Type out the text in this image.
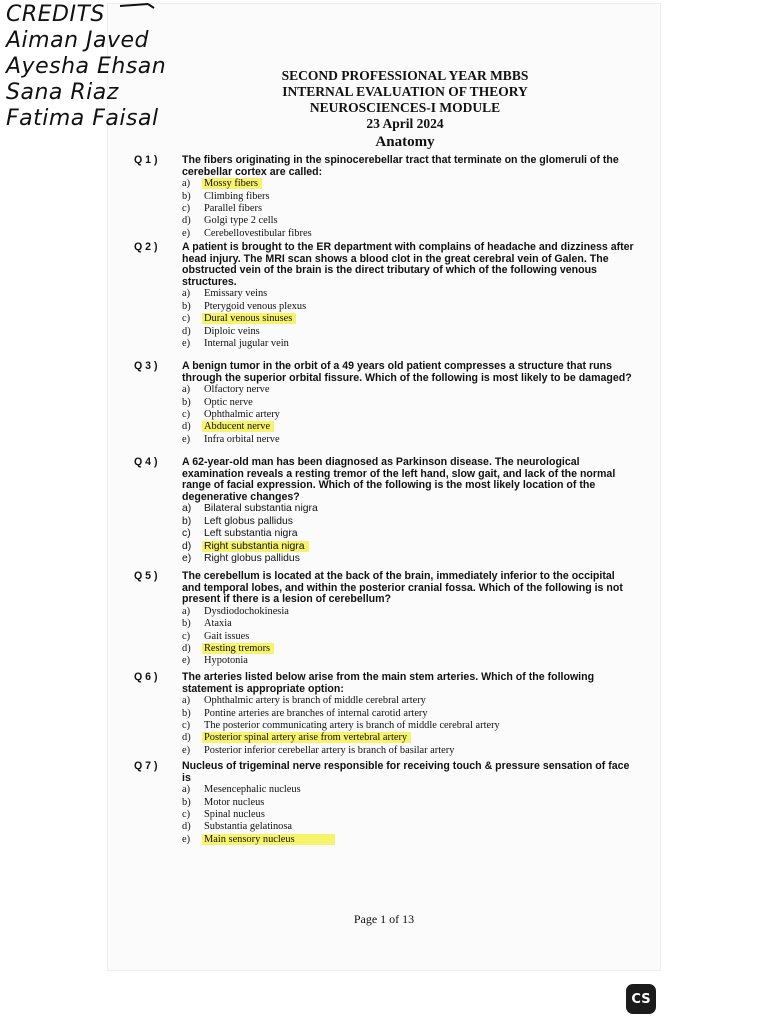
CREDITS
Aiman Javed
Ayesha Ehsan
Sana Riaz
Fatima Faisal
SECOND PROFESSIONAL YEAR MBBS
INTERNAL EVALUATION OF THEORY
NEUROSCIENCES-I MODULE
23 April 2024
Anatomy
Q 1 )	The fibers originating in the spinocerebellar tract that terminate on the glomeruli of the cerebellar cortex are called:
a) Mossy fibers
b) Climbing fibers
c) Parallel fibers
d) Golgi type 2 cells
e) Cerebellovestibular fibres
Q 2 )	A patient is brought to the ER department with complains of headache and dizziness after head injury. The MRI scan shows a blood clot in the great cerebral vein of Galen. The obstructed vein of the brain is the direct tributary of which of the following venous structures.
a) Emissary veins
b) Pterygoid venous plexus
c) Dural venous sinuses
d) Diploic veins
e) Internal jugular vein
Q 3 )	A benign tumor in the orbit of a 49 years old patient compresses a structure that runs through the superior orbital fissure. Which of the following is most likely to be damaged?
a) Olfactory nerve
b) Optic nerve
c) Ophthalmic artery
d) Abducent nerve
e) Infra orbital nerve
Q 4 )	A 62-year-old man has been diagnosed as Parkinson disease. The neurological examination reveals a resting tremor of the left hand, slow gait, and lack of the normal range of facial expression. Which of the following is the most likely location of the degenerative changes?
a) Bilateral substantia nigra
b) Left globus pallidus
c) Left substantia nigra
d) Right substantia nigra
e) Right globus pallidus
Q 5 )	The cerebellum is located at the back of the brain, immediately inferior to the occipital and temporal lobes, and within the posterior cranial fossa. Which of the following is not present if there is a lesion of cerebellum?
a) Dysdiodochokinesia
b) Ataxia
c) Gait issues
d) Resting tremors
e) Hypotonia
Q 6 )	The arteries listed below arise from the main stem arteries. Which of the following statement is appropriate option:
a) Ophthalmic artery is branch of middle cerebral artery
b) Pontine arteries are branches of internal carotid artery
c) The posterior communicating artery is branch of middle cerebral artery
d) Posterior spinal artery arise from vertebral artery
e) Posterior inferior cerebellar artery is branch of basilar artery
Q 7 )	Nucleus of trigeminal nerve responsible for receiving touch & pressure sensation of face is
a) Mesencephalic nucleus
b) Motor nucleus
c) Spinal nucleus
d) Substantia gelatinosa
e) Main sensory nucleus
Page 1 of 13
CS
